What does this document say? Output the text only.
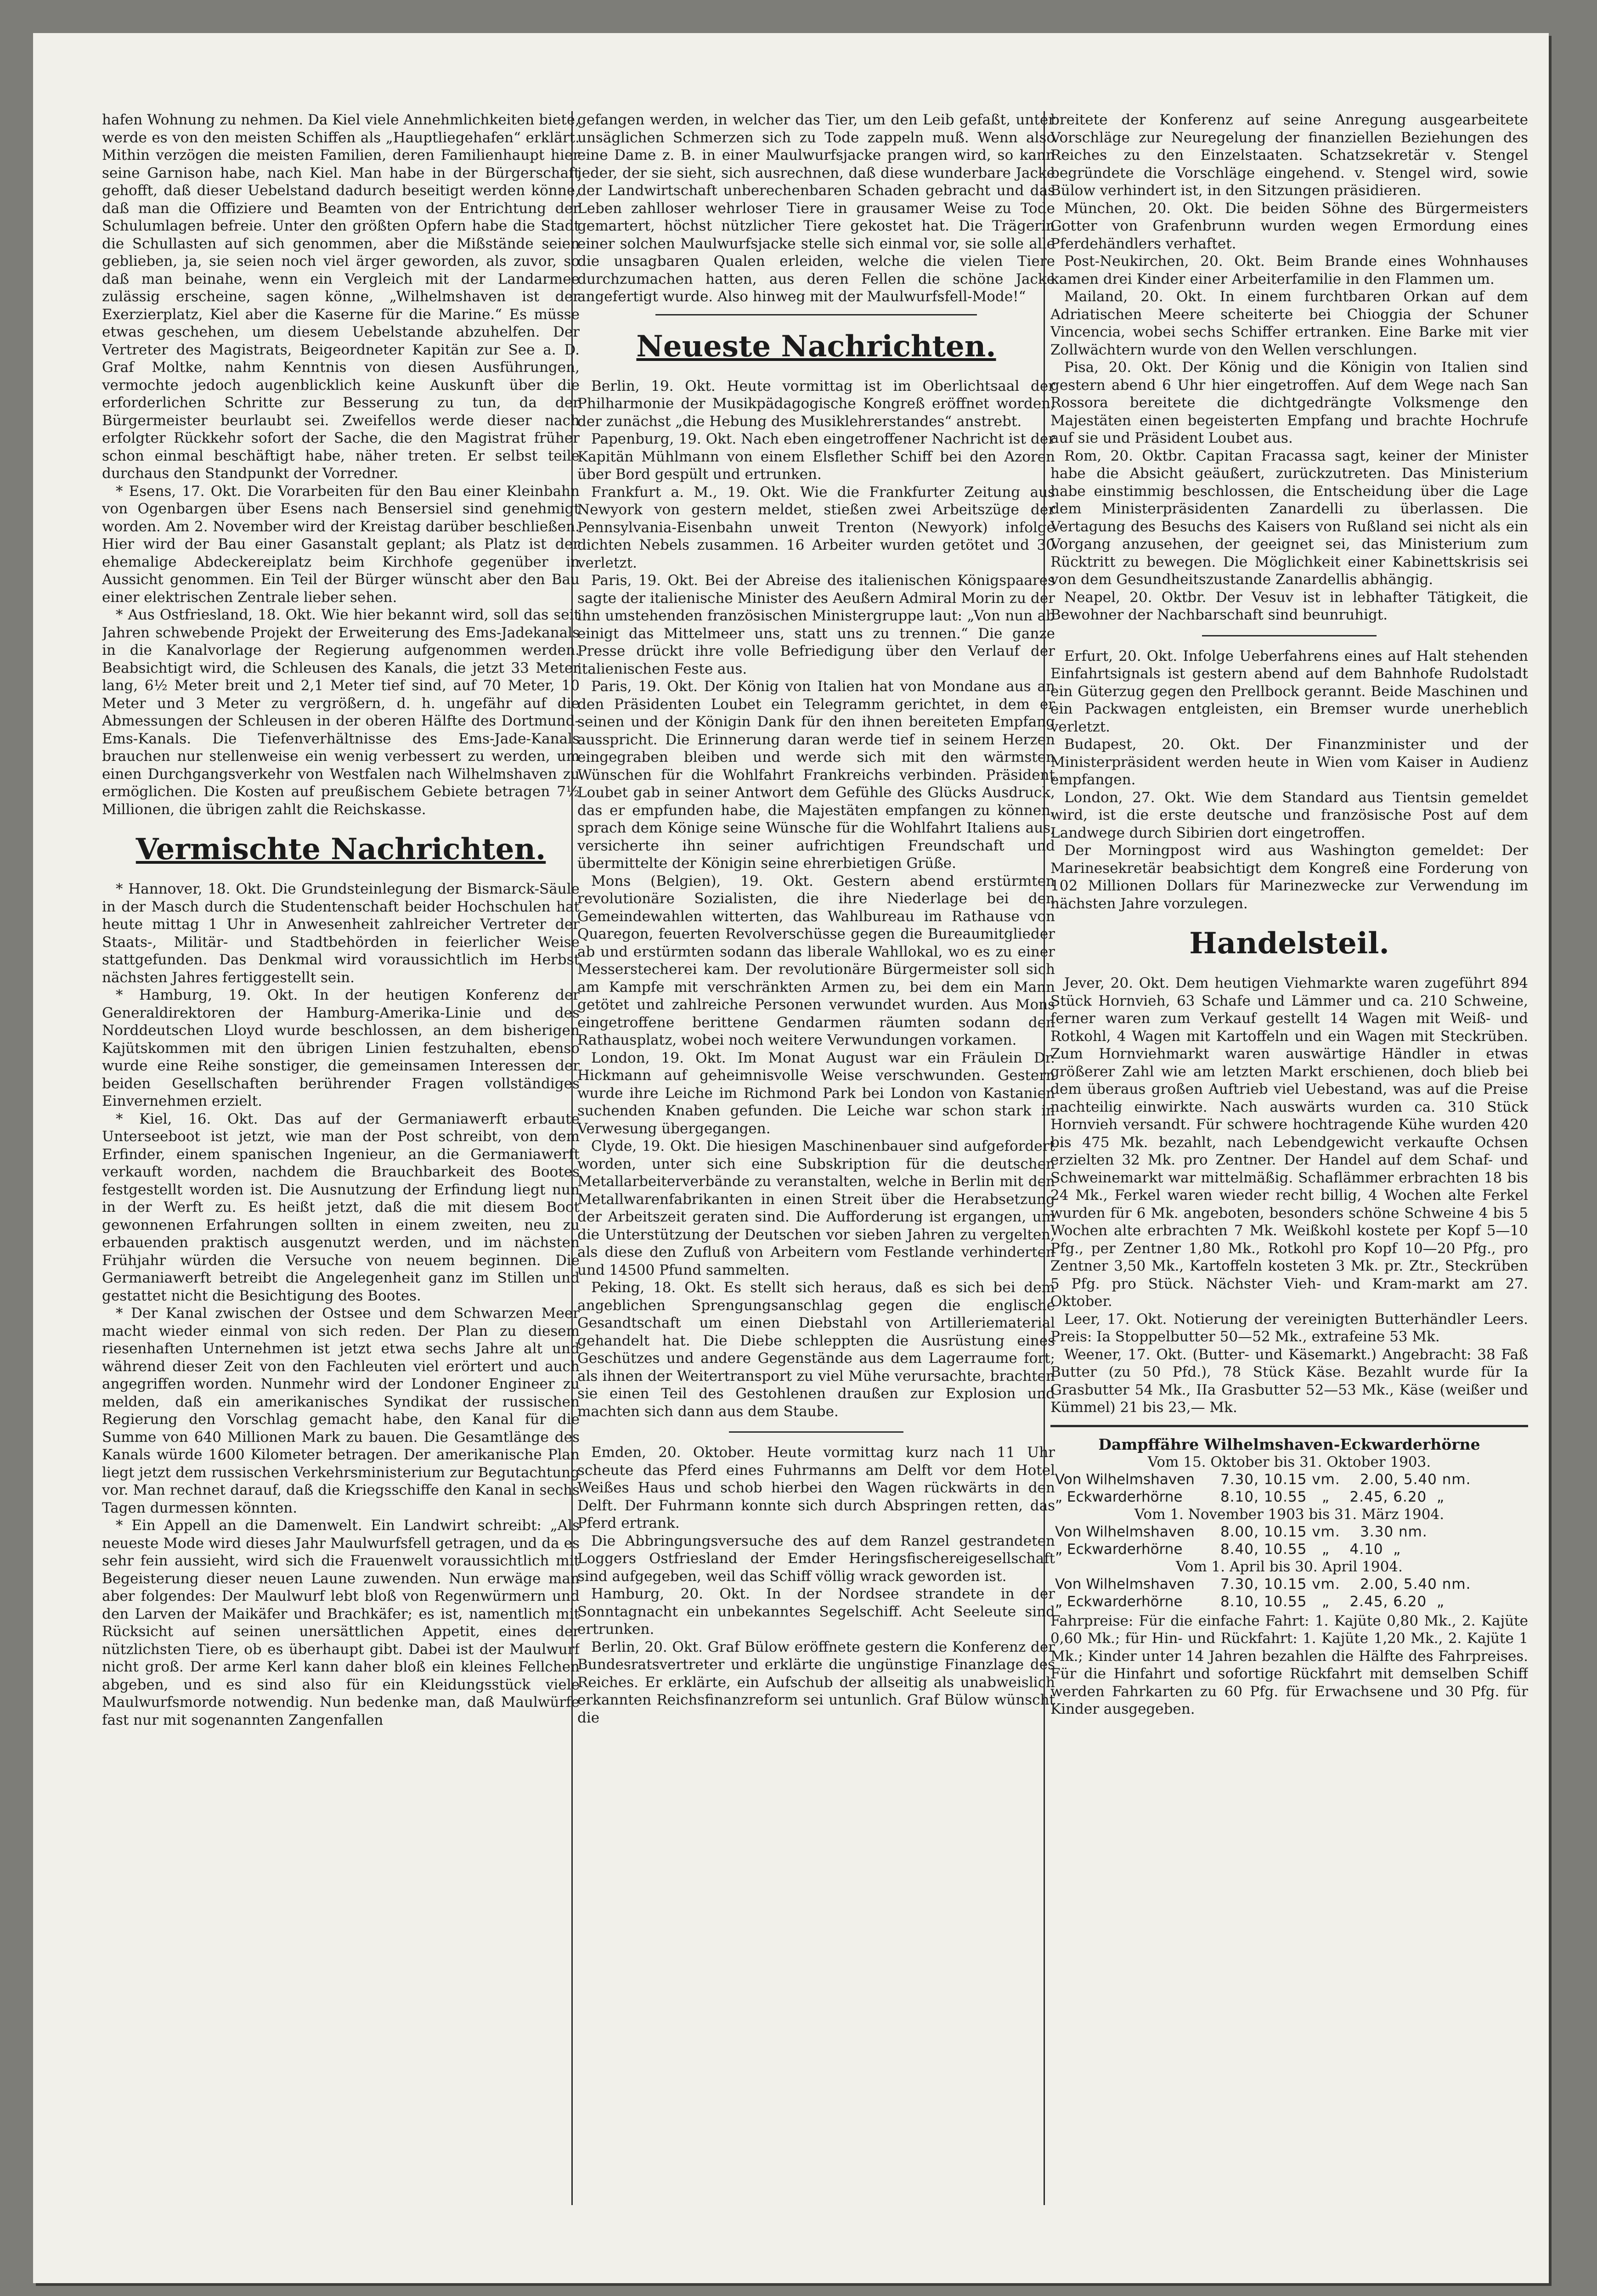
hafen Wohnung zu nehmen. Da Kiel viele Annehmlichkeiten biete, werde es von den meisten Schiffen als „Hauptliegehafen“ erklärt. Mithin verzögen die meisten Familien, deren Familienhaupt hier seine Garnison habe, nach Kiel. Man habe in der Bürgerschaft gehofft, daß dieser Uebelstand dadurch beseitigt werden könne, daß man die Offiziere und Beamten von der Entrichtung der Schulumlagen befreie. Unter den größten Opfern habe die Stadt die Schullasten auf sich genommen, aber die Mißstände seien geblieben, ja, sie seien noch viel ärger geworden, als zuvor, so daß man beinahe, wenn ein Vergleich mit der Landarmee zulässig erscheine, sagen könne, „Wilhelmshaven ist der Exerzierplatz, Kiel aber die Kaserne für die Marine.“ Es müsse etwas geschehen, um diesem Uebelstande abzuhelfen. Der Vertreter des Magistrats, Beigeordneter Kapitän zur See a. D. Graf Moltke, nahm Kenntnis von diesen Ausführungen, vermochte jedoch augenblicklich keine Auskunft über die erforderlichen Schritte zur Besserung zu tun, da der Bürgermeister beurlaubt sei. Zweifellos werde dieser nach erfolgter Rückkehr sofort der Sache, die den Magistrat früher schon einmal beschäftigt habe, näher treten. Er selbst teile durchaus den Standpunkt der Vorredner.

* Esens, 17. Okt. Die Vorarbeiten für den Bau einer Kleinbahn von Ogenbargen über Esens nach Bensersiel sind genehmigt worden. Am 2. November wird der Kreistag darüber beschließen. Hier wird der Bau einer Gasanstalt geplant; als Platz ist der ehemalige Abdeckereiplatz beim Kirchhofe gegenüber in Aussicht genommen. Ein Teil der Bürger wünscht aber den Bau einer elektrischen Zentrale lieber sehen.

* Aus Ostfriesland, 18. Okt. Wie hier bekannt wird, soll das seit Jahren schwebende Projekt der Erweiterung des Ems-Jadekanals in die Kanalvorlage der Regierung aufgenommen werden. Beabsichtigt wird, die Schleusen des Kanals, die jetzt 33 Meter lang, 6½ Meter breit und 2,1 Meter tief sind, auf 70 Meter, 10 Meter und 3 Meter zu vergrößern, d. h. ungefähr auf die Abmessungen der Schleusen in der oberen Hälfte des Dortmund-Ems-Kanals. Die Tiefenverhältnisse des Ems-Jade-Kanals brauchen nur stellenweise ein wenig verbessert zu werden, um einen Durchgangsverkehr von Westfalen nach Wilhelmshaven zu ermöglichen. Die Kosten auf preußischem Gebiete betragen 7½ Millionen, die übrigen zahlt die Reichskasse.

Vermischte Nachrichten.

* Hannover, 18. Okt. Die Grundsteinlegung der Bismarck-Säule in der Masch durch die Studentenschaft beider Hochschulen hat heute mittag 1 Uhr in Anwesenheit zahlreicher Vertreter der Staats-, Militär- und Stadtbehörden in feierlicher Weise stattgefunden. Das Denkmal wird voraussichtlich im Herbst nächsten Jahres fertiggestellt sein.

* Hamburg, 19. Okt. In der heutigen Konferenz der Generaldirektoren der Hamburg-Amerika-Linie und des Norddeutschen Lloyd wurde beschlossen, an dem bisherigen Kajütskommen mit den übrigen Linien festzuhalten, ebenso wurde eine Reihe sonstiger, die gemeinsamen Interessen der beiden Gesellschaften berührender Fragen vollständiges Einvernehmen erzielt.

* Kiel, 16. Okt. Das auf der Germaniawerft erbaute Unterseeboot ist jetzt, wie man der Post schreibt, von dem Erfinder, einem spanischen Ingenieur, an die Germaniawerft verkauft worden, nachdem die Brauchbarkeit des Bootes festgestellt worden ist. Die Ausnutzung der Erfindung liegt nun in der Werft zu. Es heißt jetzt, daß die mit diesem Boot gewonnenen Erfahrungen sollten in einem zweiten, neu zu erbauenden praktisch ausgenutzt werden, und im nächsten Frühjahr würden die Versuche von neuem beginnen. Die Germaniawerft betreibt die Angelegenheit ganz im Stillen und gestattet nicht die Besichtigung des Bootes.

* Der Kanal zwischen der Ostsee und dem Schwarzen Meer macht wieder einmal von sich reden. Der Plan zu diesem riesenhaften Unternehmen ist jetzt etwa sechs Jahre alt und während dieser Zeit von den Fachleuten viel erörtert und auch angegriffen worden. Nunmehr wird der Londoner Engineer zu melden, daß ein amerikanisches Syndikat der russischen Regierung den Vorschlag gemacht habe, den Kanal für die Summe von 640 Millionen Mark zu bauen. Die Gesamtlänge des Kanals würde 1600 Kilometer betragen. Der amerikanische Plan liegt jetzt dem russischen Verkehrsministerium zur Begutachtung vor. Man rechnet darauf, daß die Kriegsschiffe den Kanal in sechs Tagen durmessen könnten.

* Ein Appell an die Damenwelt. Ein Landwirt schreibt: „Als neueste Mode wird dieses Jahr Maulwurfsfell getragen, und da es sehr fein aussieht, wird sich die Frauenwelt voraussichtlich mit Begeisterung dieser neuen Laune zuwenden. Nun erwäge man aber folgendes: Der Maulwurf lebt bloß von Regenwürmern und den Larven der Maikäfer und Brachkäfer; es ist, namentlich mit Rücksicht auf seinen unersättlichen Appetit, eines der nützlichsten Tiere, ob es überhaupt gibt. Dabei ist der Maulwurf nicht groß. Der arme Kerl kann daher bloß ein kleines Fellchen abgeben, und es sind also für ein Kleidungsstück viele Maulwurfsmorde notwendig. Nun bedenke man, daß Maulwürfe fast nur mit sogenannten Zangenfallen

gefangen werden, in welcher das Tier, um den Leib gefaßt, unter unsäglichen Schmerzen sich zu Tode zappeln muß. Wenn also eine Dame z. B. in einer Maulwurfsjacke prangen wird, so kann jeder, der sie sieht, sich ausrechnen, daß diese wunderbare Jacke der Landwirtschaft unberechenbaren Schaden gebracht und das Leben zahlloser wehrloser Tiere in grausamer Weise zu Tode gemartert, höchst nützlicher Tiere gekostet hat. Die Trägerin einer solchen Maulwurfsjacke stelle sich einmal vor, sie solle alle die unsagbaren Qualen erleiden, welche die vielen Tiere durchzumachen hatten, aus deren Fellen die schöne Jacke angefertigt wurde. Also hinweg mit der Maulwurfsfell-Mode!“

Neueste Nachrichten.

Berlin, 19. Okt. Heute vormittag ist im Oberlichtsaal der Philharmonie der Musikpädagogische Kongreß eröffnet worden, der zunächst „die Hebung des Musiklehrerstandes“ anstrebt.

Papenburg, 19. Okt. Nach eben eingetroffener Nachricht ist der Kapitän Mühlmann von einem Elsflether Schiff bei den Azoren über Bord gespült und ertrunken.

Frankfurt a. M., 19. Okt. Wie die Frankfurter Zeitung aus Newyork von gestern meldet, stießen zwei Arbeitszüge der Pennsylvania-Eisenbahn unweit Trenton (Newyork) infolge dichten Nebels zusammen. 16 Arbeiter wurden getötet und 30 verletzt.

Paris, 19. Okt. Bei der Abreise des italienischen Königspaares sagte der italienische Minister des Aeußern Admiral Morin zu der ihn umstehenden französischen Ministergruppe laut: „Von nun ab einigt das Mittelmeer uns, statt uns zu trennen.“ Die ganze Presse drückt ihre volle Befriedigung über den Verlauf der italienischen Feste aus.

Paris, 19. Okt. Der König von Italien hat von Mondane aus an den Präsidenten Loubet ein Telegramm gerichtet, in dem er seinen und der Königin Dank für den ihnen bereiteten Empfang ausspricht. Die Erinnerung daran werde tief in seinem Herzen eingegraben bleiben und werde sich mit den wärmsten Wünschen für die Wohlfahrt Frankreichs verbinden. Präsident Loubet gab in seiner Antwort dem Gefühle des Glücks Ausdruck, das er empfunden habe, die Majestäten empfangen zu können, sprach dem Könige seine Wünsche für die Wohlfahrt Italiens aus, versicherte ihn seiner aufrichtigen Freundschaft und übermittelte der Königin seine ehrerbietigen Grüße.

Mons (Belgien), 19. Okt. Gestern abend erstürmten revolutionäre Sozialisten, die ihre Niederlage bei den Gemeindewahlen witterten, das Wahlbureau im Rathause von Quaregon, feuerten Revolverschüsse gegen die Bureaumitglieder ab und erstürmten sodann das liberale Wahllokal, wo es zu einer Messerstecherei kam. Der revolutionäre Bürgermeister soll sich am Kampfe mit verschränkten Armen zu, bei dem ein Mann getötet und zahlreiche Personen verwundet wurden. Aus Mons eingetroffene berittene Gendarmen räumten sodann den Rathausplatz, wobei noch weitere Verwundungen vorkamen.

London, 19. Okt. Im Monat August war ein Fräulein Dr. Hickmann auf geheimnisvolle Weise verschwunden. Gestern wurde ihre Leiche im Richmond Park bei London von Kastanien suchenden Knaben gefunden. Die Leiche war schon stark in Verwesung übergegangen.

Clyde, 19. Okt. Die hiesigen Maschinenbauer sind aufgefordert worden, unter sich eine Subskription für die deutschen Metallarbeiterverbände zu veranstalten, welche in Berlin mit den Metallwarenfabrikanten in einen Streit über die Herabsetzung der Arbeitszeit geraten sind. Die Aufforderung ist ergangen, um die Unterstützung der Deutschen vor sieben Jahren zu vergelten, als diese den Zufluß von Arbeitern vom Festlande verhinderten und 14500 Pfund sammelten.

Peking, 18. Okt. Es stellt sich heraus, daß es sich bei dem angeblichen Sprengungsanschlag gegen die englische Gesandtschaft um einen Diebstahl von Artilleriematerial gehandelt hat. Die Diebe schleppten die Ausrüstung eines Geschützes und andere Gegenstände aus dem Lagerraume fort; als ihnen der Weitertransport zu viel Mühe verursachte, brachten sie einen Teil des Gestohlenen draußen zur Explosion und machten sich dann aus dem Staube.

Emden, 20. Oktober. Heute vormittag kurz nach 11 Uhr scheute das Pferd eines Fuhrmanns am Delft vor dem Hotel Weißes Haus und schob hierbei den Wagen rückwärts in den Delft. Der Fuhrmann konnte sich durch Abspringen retten, das Pferd ertrank.

Die Abbringungsversuche des auf dem Ranzel gestrandeten Loggers Ostfriesland der Emder Heringsfischereigesellschaft sind aufgegeben, weil das Schiff völlig wrack geworden ist.

Hamburg, 20. Okt. In der Nordsee strandete in der Sonntagnacht ein unbekanntes Segelschiff. Acht Seeleute sind ertrunken.

Berlin, 20. Okt. Graf Bülow eröffnete gestern die Konferenz der Bundesratsvertreter und erklärte die ungünstige Finanzlage des Reiches. Er erklärte, ein Aufschub der allseitig als unabweislich erkannten Reichsfinanzreform sei untunlich. Graf Bülow wünscht die

breitete der Konferenz auf seine Anregung ausgearbeitete Vorschläge zur Neuregelung der finanziellen Beziehungen des Reiches zu den Einzelstaaten. Schatzsekretär v. Stengel begründete die Vorschläge eingehend. v. Stengel wird, sowie Bülow verhindert ist, in den Sitzungen präsidieren.

München, 20. Okt. Die beiden Söhne des Bürgermeisters Gotter von Grafenbrunn wurden wegen Ermordung eines Pferdehändlers verhaftet.

Post-Neukirchen, 20. Okt. Beim Brande eines Wohnhauses kamen drei Kinder einer Arbeiterfamilie in den Flammen um.

Mailand, 20. Okt. In einem furchtbaren Orkan auf dem Adriatischen Meere scheiterte bei Chioggia der Schuner Vincencia, wobei sechs Schiffer ertranken. Eine Barke mit vier Zollwächtern wurde von den Wellen verschlungen.

Pisa, 20. Okt. Der König und die Königin von Italien sind gestern abend 6 Uhr hier eingetroffen. Auf dem Wege nach San Rossora bereitete die dichtgedrängte Volksmenge den Majestäten einen begeisterten Empfang und brachte Hochrufe auf sie und Präsident Loubet aus.

Rom, 20. Oktbr. Capitan Fracassa sagt, keiner der Minister habe die Absicht geäußert, zurückzutreten. Das Ministerium habe einstimmig beschlossen, die Entscheidung über die Lage dem Ministerpräsidenten Zanardelli zu überlassen. Die Vertagung des Besuchs des Kaisers von Rußland sei nicht als ein Vorgang anzusehen, der geeignet sei, das Ministerium zum Rücktritt zu bewegen. Die Möglichkeit einer Kabinettskrisis sei von dem Gesundheitszustande Zanardellis abhängig.

Neapel, 20. Oktbr. Der Vesuv ist in lebhafter Tätigkeit, die Bewohner der Nachbarschaft sind beunruhigt.

Erfurt, 20. Okt. Infolge Ueberfahrens eines auf Halt stehenden Einfahrtsignals ist gestern abend auf dem Bahnhofe Rudolstadt ein Güterzug gegen den Prellbock gerannt. Beide Maschinen und ein Packwagen entgleisten, ein Bremser wurde unerheblich verletzt.

Budapest, 20. Okt. Der Finanzminister und der Ministerpräsident werden heute in Wien vom Kaiser in Audienz empfangen.

London, 27. Okt. Wie dem Standard aus Tientsin gemeldet wird, ist die erste deutsche und französische Post auf dem Landwege durch Sibirien dort eingetroffen.

Der Morningpost wird aus Washington gemeldet: Der Marinesekretär beabsichtigt dem Kongreß eine Forderung von 102 Millionen Dollars für Marinezwecke zur Verwendung im nächsten Jahre vorzulegen.

Handelsteil.

Jever, 20. Okt. Dem heutigen Viehmarkte waren zugeführt 894 Stück Hornvieh, 63 Schafe und Lämmer und ca. 210 Schweine, ferner waren zum Verkauf gestellt 14 Wagen mit Weiß- und Rotkohl, 4 Wagen mit Kartoffeln und ein Wagen mit Steckrüben. Zum Hornviehmarkt waren auswärtige Händler in etwas größerer Zahl wie am letzten Markt erschienen, doch blieb bei dem überaus großen Auftrieb viel Uebestand, was auf die Preise nachteilig einwirkte. Nach auswärts wurden ca. 310 Stück Hornvieh versandt. Für schwere hochtragende Kühe wurden 420 bis 475 Mk. bezahlt, nach Lebendgewicht verkaufte Ochsen erzielten 32 Mk. pro Zentner. Der Handel auf dem Schaf- und Schweinemarkt war mittelmäßig. Schaflämmer erbrachten 18 bis 24 Mk., Ferkel waren wieder recht billig, 4 Wochen alte Ferkel wurden für 6 Mk. angeboten, besonders schöne Schweine 4 bis 5 Wochen alte erbrachten 7 Mk. Weißkohl kostete per Kopf 5—10 Pfg., per Zentner 1,80 Mk., Rotkohl pro Kopf 10—20 Pfg., pro Zentner 3,50 Mk., Kartoffeln kosteten 3 Mk. pr. Ztr., Steckrüben 5 Pfg. pro Stück. Nächster Vieh- und Kram-markt am 27. Oktober.

Leer, 17. Okt. Notierung der vereinigten Butterhändler Leers. Preis: Ia Stoppelbutter 50—52 Mk., extrafeine 53 Mk.

Weener, 17. Okt. (Butter- und Käsemarkt.) Angebracht: 38 Faß Butter (zu 50 Pfd.), 78 Stück Käse. Bezahlt wurde für Ia Grasbutter 54 Mk., IIa Grasbutter 52—53 Mk., Käse (weißer und Kümmel) 21 bis 23,— Mk.

Dampffähre Wilhelmshaven-Eckwarderhörne
Vom 15. Oktober bis 31. Oktober 1903.
Von Wilhelmshaven	7.30, 10.15 vm.    2.00, 5.40 nm.
„ Eckwarderhörne	8.10, 10.55   „    2.45, 6.20  „
Vom 1. November 1903 bis 31. März 1904.
Von Wilhelmshaven	8.00, 10.15 vm.    3.30 nm.
„ Eckwarderhörne	8.40, 10.55   „    4.10  „
Vom 1. April bis 30. April 1904.
Von Wilhelmshaven	7.30, 10.15 vm.    2.00, 5.40 nm.
„ Eckwarderhörne	8.10, 10.55   „    2.45, 6.20  „

Fahrpreise: Für die einfache Fahrt: 1. Kajüte 0,80 Mk., 2. Kajüte 0,60 Mk.; für Hin- und Rückfahrt: 1. Kajüte 1,20 Mk., 2. Kajüte 1 Mk.; Kinder unter 14 Jahren bezahlen die Hälfte des Fahrpreises. Für die Hinfahrt und sofortige Rückfahrt mit demselben Schiff werden Fahrkarten zu 60 Pfg. für Erwachsene und 30 Pfg. für Kinder ausgegeben.
